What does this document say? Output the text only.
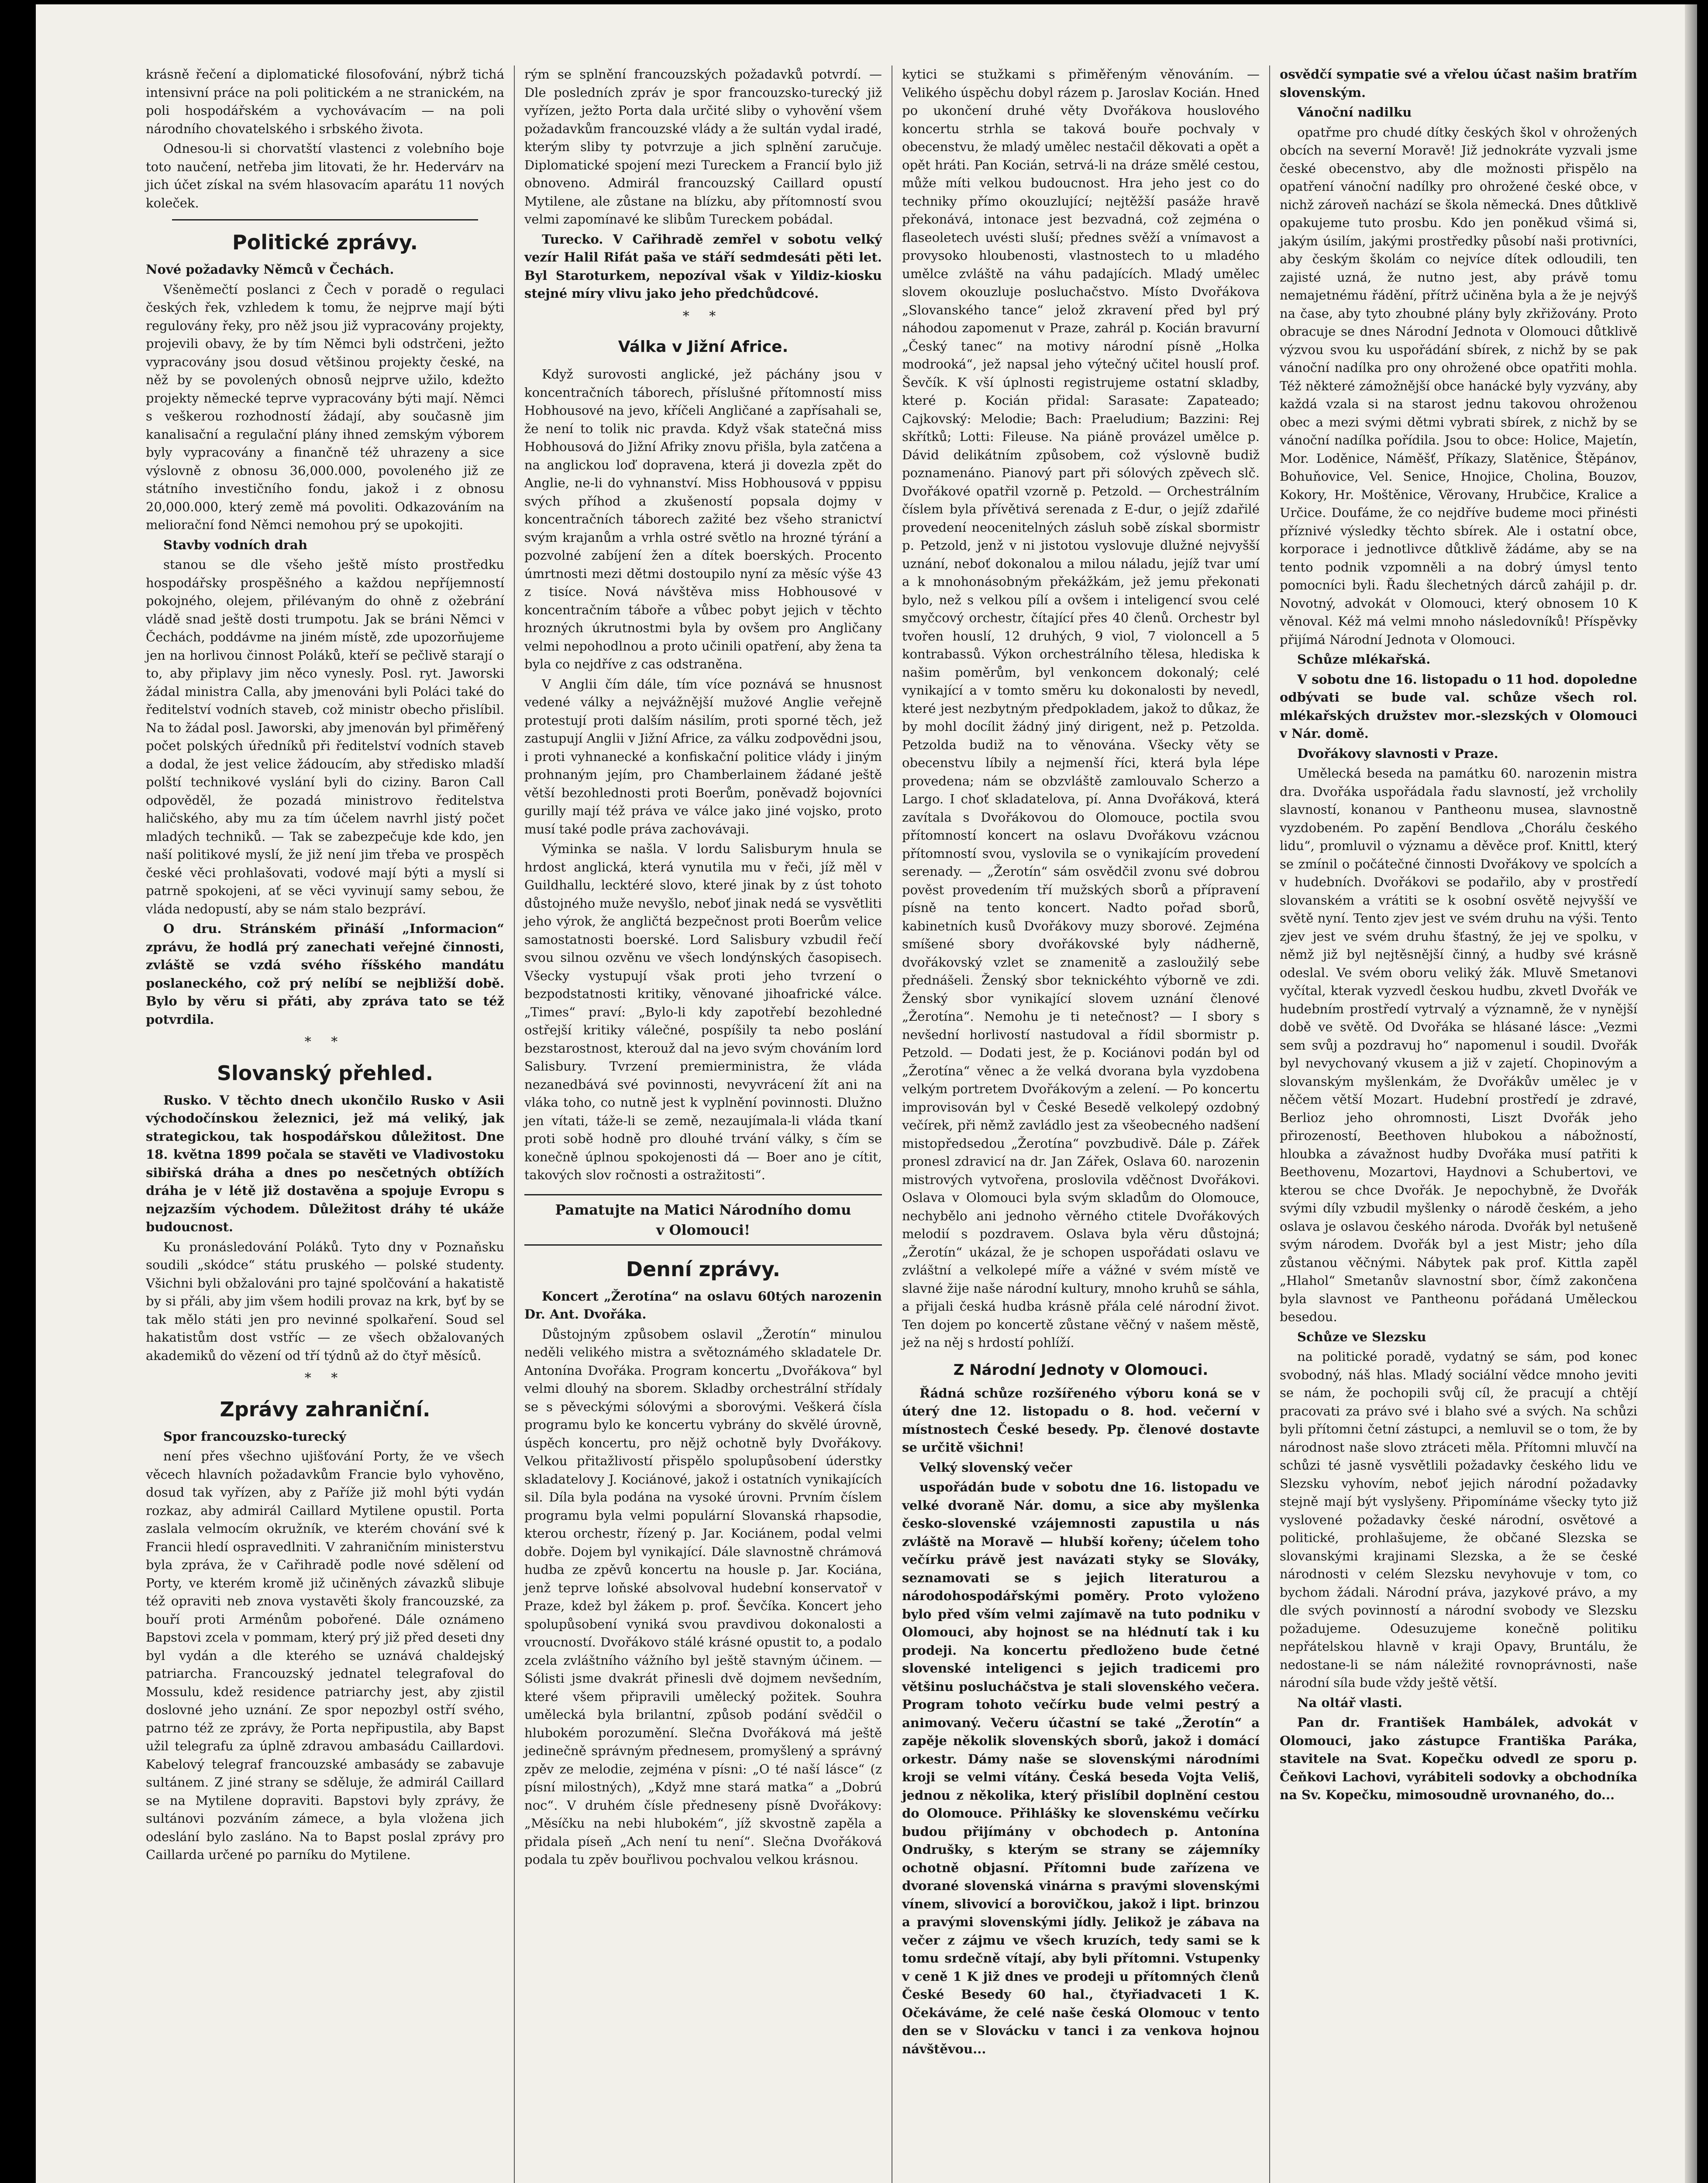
krásně řečení a diplomatické filosofování, nýbrž tichá intensivní práce na poli politickém a ne stranickém, na poli hospodářském a vychovávacím — na poli národního chovatelského i srbského života.

Odnesou-li si chorvatští vlastenci z volebního boje toto naučení, netřeba jim litovati, že hr. Hedervárv na jich účet získal na svém hlasovacím aparátu 11 nových koleček.

Politické zprávy.

Nové požadavky Němců v Čechách.

Všeněmečtí poslanci z Čech v poradě o regulaci českých řek, vzhledem k tomu, že nejprve mají býti regulovány řeky, pro něž jsou již vypracovány projekty, projevili obavy, že by tím Němci byli odstrčeni, ježto vypracovány jsou dosud většinou projekty české, na něž by se povolených obnosů nejprve užilo, kdežto projekty německé teprve vypracovány býti mají. Němci s veškerou rozhodností žádají, aby současně jim kanalisační a regulační plány ihned zemským výborem byly vypracovány a finančně též uhrazeny a sice výslovně z obnosu 36,000.000, povoleného již ze státního investičního fondu, jakož i z obnosu 20,000.000, který země má povoliti. Odkazováním na meliorační fond Němci nemohou prý se upokojiti.

Stavby vodních drah

stanou se dle všeho ještě místo prostředku hospodářsky prospěšného a každou nepříjemností pokojného, olejem, přilévaným do ohně z ožebrání vládě snad ještě dosti trumpotu. Jak se bráni Němci v Čechách, poddávme na jiném místě, zde upozorňujeme jen na horlivou činnost Poláků, kteří se pečlivě starají o to, aby připlavy jim něco vynesly. Posl. ryt. Jaworski žádal ministra Calla, aby jmenováni byli Poláci také do ředitelství vodních staveb, což ministr obecho přislíbil. Na to žádal posl. Jaworski, aby jmenován byl přiměřený počet polských úředníků při ředitelství vodních staveb a dodal, že jest velice žádoucím, aby středisko mladší polští technikové vyslání byli do ciziny. Baron Call odpověděl, že pozadá ministrovo ředitelstva haličského, aby mu za tím účelem navrhl jistý počet mladých techniků. — Tak se zabezpečuje kde kdo, jen naší politikové myslí, že již není jim třeba ve prospěch české věci prohlašovati, vodové mají býti a myslí si patrně spokojeni, ať se věci vyvinují samy sebou, že vláda nedopustí, aby se nám stalo bezpráví.

O dru. Stránském přináší „Informacion“ zprávu, že hodlá prý zanechati veřejné činnosti, zvláště se vzdá svého říšského mandátu poslaneckého, což prý nelíbí se nejbližší době. Bylo by věru si přáti, aby zpráva tato se též potvrdila.

* *
Slovanský přehled.

Rusko. V těchto dnech ukončilo Rusko v Asii východočínskou železnici, jež má veliký, jak strategickou, tak hospodářskou důležitost. Dne 18. května 1899 počala se stavěti ve Vladivostoku sibiřská dráha a dnes po nesčetných obtížích dráha je v létě již dostavěna a spojuje Evropu s nejzazším východem. Důležitost dráhy té ukáže budoucnost.

Ku pronásledování Poláků. Tyto dny v Poznaňsku soudili „skódce“ státu pruského — polské studenty. Všichni byli obžalováni pro tajné spolčování a hakatistě by si přáli, aby jim všem hodili provaz na krk, byť by se tak mělo státi jen pro nevinné spolkaření. Soud sel hakatistům dost vstříc — ze všech obžalovaných akademiků do vězení od tří týdnů až do čtyř měsíců.

* *
Zprávy zahraniční.

Spor francouzsko-turecký

není přes všechno ujišťování Porty, že ve všech věcech hlavních požadavkům Francie bylo vyhověno, dosud tak vyřízen, aby z Paříže již mohl býti vydán rozkaz, aby admirál Caillard Mytilene opustil. Porta zaslala velmocím okružník, ve kterém chování své k Francii hledí ospravedlniti. V zahraničním ministerstvu byla zpráva, že v Cařihradě podle nové sdělení od Porty, ve kterém kromě již učiněných závazků slibuje též opraviti neb znova vystavěti školy francouzské, za bouří proti Arménům pobořené. Dále oznámeno Bapstovi zcela v pommam, který prý již před deseti dny byl vydán a dle kterého se uznává chaldejský patriarcha. Francouzský jednatel telegrafoval do Mossulu, kdež residence patriarchy jest, aby zjistil doslovné jeho uznání. Ze spor nepozbyl ostří svého, patrno též ze zprávy, že Porta nepřipustila, aby Bapst užil telegrafu za úplně zdravou ambasádu Caillardovi. Kabelový telegraf francouzské ambasády se zabavuje sultánem. Z jiné strany se sděluje, že admirál Caillard se na Mytilene dopraviti. Bapstovi byly zprávy, že sultánovi pozváním zámece, a byla vložena jich odeslání bylo zasláno. Na to Bapst poslal zprávy pro Caillarda určené po parníku do Mytilene.

rým se splnění francouzských požadavků potvrdí. — Dle posledních zpráv je spor francouzsko-turecký již vyřízen, ježto Porta dala určité sliby o vyhovění všem požadavkům francouzské vlády a že sultán vydal iradé, kterým sliby ty potvrzuje a jich splnění zaručuje. Diplomatické spojení mezi Tureckem a Francií bylo již obnoveno. Admirál francouzský Caillard opustí Mytilene, ale zůstane na blízku, aby přítomností svou velmi zapomínavé ke slibům Tureckem pobádal.

Turecko. V Cařihradě zemřel v sobotu velký vezír Halil Rifát paša ve stáří sedmdesáti pěti let. Byl Staroturkem, nepozíval však v Yildiz-kiosku stejné míry vlivu jako jeho předchůdcové.

* *
Válka v Jižní Africe.

Když surovosti anglické, jež páchány jsou v koncentračních táborech, příslušné přítomností miss Hobhousové na jevo, kříčeli Angličané a zapřísahali se, že není to tolik nic pravda. Když však statečná miss Hobhousová do Jižní Afriky znovu přišla, byla zatčena a na anglickou loď dopravena, která ji dovezla zpět do Anglie, ne-li do vyhnanství. Miss Hobhousová v pppisu svých příhod a zkušeností popsala dojmy v koncentračních táborech zažité bez všeho stranictví svým krajanům a vrhla ostré světlo na hrozné týrání a pozvolné zabíjení žen a dítek boerských. Procento úmrtnosti mezi dětmi dostoupilo nyní za měsíc výše 43 z tisíce. Nová návštěva miss Hobhousové v koncentračním táboře a vůbec pobyt jejich v těchto hrozných úkrutnostmi byla by ovšem pro Angličany velmi nepohodlnou a proto učinili opatření, aby žena ta byla co nejdříve z cas odstraněna.

V Anglii čím dále, tím více poznává se hnusnost vedené války a nejvážnější mužové Anglie veřejně protestují proti dalším násilím, proti sporné těch, jež zastupují Anglii v Jižní Africe, za válku zodpovědni jsou, i proti vyhnanecké a konfiskační politice vlády i jiným prohnaným jejím, pro Chamberlainem žádané ještě větší bezohlednosti proti Boerům, poněvadž bojovníci gurilly mají též práva ve válce jako jiné vojsko, proto musí také podle práva zachovávaji.

Výminka se našla. V lordu Salisburym hnula se hrdost anglická, která vynutila mu v řeči, jíž měl v Guildhallu, lecktéré slovo, které jinak by z úst tohoto důstojného muže nevyšlo, neboť jinak nedá se vysvětliti jeho výrok, že angličtá bezpečnost proti Boerům velice samostatnosti boerské. Lord Salisbury vzbudil řečí svou silnou ozvěnu ve všech londýnských časopisech. Všecky vystupují však proti jeho tvrzení o bezpodstatnosti kritiky, věnované jihoafrické válce. „Times“ praví: „Bylo-li kdy zapotřebí bezohledné ostřejší kritiky válečné, pospíšily ta nebo poslání bezstarostnost, kterouž dal na jevo svým chováním lord Salisbury. Tvrzení premierministra, že vláda nezanedbává své povinnosti, nevyvrácení žít ani na vláka toho, co nutně jest k vyplnění povinnosti. Dlužno jen vítati, táže-li se země, nezaujímala-li vláda tkaní proti sobě hodně pro dlouhé trvání války, s čím se konečně úplnou spokojenosti dá — Boer ano je cítit, takových slov ročnosti a ostražitosti“.

Pamatujte na Matici Národního domu
v Olomouci!
Denní zprávy.

Koncert „Žerotína“ na oslavu 60tých narozenin Dr. Ant. Dvořáka.

Důstojným způsobem oslavil „Žerotín“ minulou neděli velikého mistra a světoznámého skladatele Dr. Antonína Dvořáka. Program koncertu „Dvořákova“ byl velmi dlouhý na sborem. Skladby orchestrální střídaly se s pěveckými sólovými a sborovými. Veškerá čísla programu bylo ke koncertu vybrány do skvělé úrovně, úspěch koncertu, pro nějž ochotně byly Dvořákovy. Velkou přitažlivostí přispělo spolupůsobení úderstky skladatelovy J. Kociánové, jakož i ostatních vynikajících sil. Díla byla podána na vysoké úrovni. Prvním číslem programu byla velmi populární Slovanská rhapsodie, kterou orchestr, řízený p. Jar. Kociánem, podal velmi dobře. Dojem byl vynikající. Dále slavnostně chrámová hudba ze zpěvů koncertu na housle p. Jar. Kociána, jenž teprve loňské absolvoval hudební konservatoř v Praze, kdež byl žákem p. prof. Ševčíka. Koncert jeho spolupůsobení vyniká svou pravdivou dokonalosti a vroucností. Dvořákovo stálé krásné opustit to, a podalo zcela zvláštního vážního byl ještě stavným účinem. — Sólisti jsme dvakrát přinesli dvě dojmem nevšedním, které všem připravili umělecký požitek. Souhra umělecká byla brilantní, způsob podání svědčil o hlubokém porozumění. Slečna Dvořáková má ještě jedinečně správným přednesem, promyšlený a správný zpěv ze melodie, zejména v písni: „O té naší lásce“ (z písní milostných), „Když mne stará matka“ a „Dobrú noc“. V druhém čísle předneseny písně Dvořákovy: „Měsíčku na nebi hlubokém“, jíž skvostně zapěla a přidala píseň „Ach není tu není“. Slečna Dvořáková podala tu zpěv bouřlivou pochvalou velkou krásnou.

kytici se stužkami s přiměřeným věnováním. — Velikého úspěchu dobyl rázem p. Jaroslav Kocián. Hned po ukončení druhé věty Dvořákova houslového koncertu strhla se taková bouře pochvaly v obecenstvu, že mladý umělec nestačil děkovati a opět a opět hráti. Pan Kocián, setrvá-li na dráze smělé cestou, může míti velkou budoucnost. Hra jeho jest co do techniky přímo okouzlující; nejtěžší pasáže hravě překonává, intonace jest bezvadná, což zejména o flaseoletech uvésti sluší; přednes svěží a vnímavost a provysoko hloubenosti, vlastnostech to u mladého umělce zvláště na váhu padajících. Mladý umělec slovem okouzluje posluchačstvo. Místo Dvořákova „Slovanského tance“ jelož zkravení před byl prý náhodou zapomenut v Praze, zahrál p. Kocián bravurní „Český tanec“ na motivy národní písně „Holka modrooká“, jež napsal jeho výtečný učitel houslí prof. Ševčík. K vší úplnosti registrujeme ostatní skladby, které p. Kocián přidal: Sarasate: Zapateado; Cajkovský: Melodie; Bach: Praeludium; Bazzini: Rej skřítků; Lotti: Fileuse. Na piáně provázel umělce p. Dávid delikátním způsobem, což výslovně budiž poznamenáno. Pianový part při sólových zpěvech slč. Dvořákové opatřil vzorně p. Petzold. — Orchestrálním číslem byla přívětivá serenada z E-dur, o jejíž zdařilé provedení neocenitelných zásluh sobě získal sbormistr p. Petzold, jenž v ni jistotou vyslovuje dlužné nejvyšší uznání, neboť dokonalou a milou náladu, jejíž tvar umí a k mnohonásobným překážkám, jež jemu překonati bylo, než s velkou pílí a ovšem i inteligencí svou celé smyčcový orchestr, čítající přes 40 členů. Orchestr byl tvořen houslí, 12 druhých, 9 viol, 7 violoncell a 5 kontrabassů. Výkon orchestrálního tělesa, hlediska k našim poměrům, byl venkoncem dokonalý; celé vynikající a v tomto směru ku dokonalosti by nevedl, které jest nezbytným předpokladem, jakož to důkaz, že by mohl docílit žádný jiný dirigent, než p. Petzolda. Petzolda budiž na to věnována. Všecky věty se obecenstvu líbily a nejmenší říci, která byla lépe provedena; nám se obzvláště zamlouvalo Scherzo a Largo. I choť skladatelova, pí. Anna Dvořáková, která zavítala s Dvořákovou do Olomouce, poctila svou přítomností koncert na oslavu Dvořákovu vzácnou přítomností svou, vyslovila se o vynikajícím provedení serenady. — „Žerotín“ sám osvědčil zvonu své dobrou pověst provedením tří mužských sborů a přípravení písně na tento koncert. Nadto pořad sborů, kabinetních kusů Dvořákovy muzy sborové. Zejména smíšené sbory dvořákovské byly nádherně, dvořákovský vzlet se znamenitě a zasloužilý sebe přednášeli. Ženský sbor teknickéhto výborně ve zdi. Ženský sbor vynikající slovem uznání členové „Žerotína“. Nemohu je ti netečnost? — I sbory s nevšední horlivostí nastudoval a řídil sbormistr p. Petzold. — Dodati jest, že p. Kociánovi podán byl od „Žerotína“ věnec a že velká dvorana byla vyzdobena velkým portretem Dvořákovým a zelení. — Po koncertu improvisován byl v České Besedě velkolepý ozdobný večírek, při němž zavládlo jest za všeobecného nadšení mistopředsedou „Žerotína“ povzbudivě. Dále p. Zářek pronesl zdravicí na dr. Jan Zářek, Oslava 60. narozenin mistrových vytvořena, proslovila vděčnost Dvořákovi. Oslava v Olomouci byla svým skladům do Olomouce, nechybělo ani jednoho věrného ctitele Dvořákových melodií s pozdravem. Oslava byla věru důstojná; „Žerotín“ ukázal, že je schopen uspořádati oslavu ve zvláštní a velkolepé míře a vážné v svém místě ve slavné žije naše národní kultury, mnoho kruhů se sáhla, a přijali česká hudba krásně přála celé národní život. Ten dojem po koncertě zůstane věčný v našem městě, jež na něj s hrdostí pohlíží.

Z Národní Jednoty v Olomouci.

Řádná schůze rozšířeného výboru koná se v úterý dne 12. listopadu o 8. hod. večerní v místnostech České besedy. Pp. členové dostavte se určitě všichni!

Velký slovenský večer

uspořádán bude v sobotu dne 16. listopadu ve velké dvoraně Nár. domu, a sice aby myšlenka česko-slovenské vzájemnosti zapustila u nás zvláště na Moravě — hlubší kořeny; účelem toho večírku právě jest navázati styky se Slováky, seznamovati se s jejich literaturou a národohospodářskými poměry. Proto vyloženo bylo před vším velmi zajímavě na tuto podniku v Olomouci, aby hojnost se na hlédnutí tak i ku prodeji. Na koncertu předloženo bude četné slovenské inteligenci s jejich tradicemi pro většinu poslucháčstva je stali slovenského večera. Program tohoto večírku bude velmi pestrý a animovaný. Večeru účastní se také „Žerotín“ a zapěje několik slovenských sborů, jakož i domácí orkestr. Dámy naše se slovenskými národními kroji se velmi vítány. Česká beseda Vojta Veliš, jednou z několika, který přislíbil doplnění cestou do Olomouce. Přihlášky ke slovenskému večírku budou přijímány v obchodech p. Antonína Ondrušky, s kterým se strany se zájemníky ochotně objasní. Přítomni bude zařízena ve dvorané slovenská vinárna s pravými slovenskými vínem, slivovicí a borovičkou, jakož i lipt. brinzou a pravými slovenskými jídly. Jelikož je zábava na večer z zájmu ve všech kruzích, tedy sami se k tomu srdečně vítají, aby byli přítomni. Vstupenky v ceně 1 K již dnes ve prodeji u přítomných členů České Besedy 60 hal., čtyřiadvaceti 1 K. Očekáváme, že celé naše česká Olomouc v tento den se v Slovácku v tanci i za venkova hojnou návštěvou...

osvědčí sympatie své a vřelou účast našim bratřím slovenským.

Vánoční nadilku

opatřme pro chudé dítky českých škol v ohrožených obcích na severní Moravě! Již jednokráte vyzvali jsme české obecenstvo, aby dle možnosti přispělo na opatření vánoční nadílky pro ohrožené české obce, v nichž zároveň nachází se škola německá. Dnes důtklivě opakujeme tuto prosbu. Kdo jen poněkud všimá si, jakým úsilím, jakými prostředky působí naši protivníci, aby českým školám co nejvíce dítek odloudili, ten zajisté uzná, že nutno jest, aby právě tomu nemajetnému řádění, přítrž učiněna byla a že je nejvýš na čase, aby tyto zhoubné plány byly zkřižovány. Proto obracuje se dnes Národní Jednota v Olomouci důtklivě výzvou svou ku uspořádání sbírek, z nichž by se pak vánoční nadílka pro ony ohrožené obce opatřiti mohla. Též některé zámožnější obce hanácké byly vyzvány, aby každá vzala si na starost jednu takovou ohroženou obec a mezi svými dětmi vybrati sbírek, z nichž by se vánoční nadílka pořídila. Jsou to obce: Holice, Majetín, Mor. Loděnice, Náměšť, Příkazy, Slatěnice, Štěpánov, Bohuňovice, Vel. Senice, Hnojice, Cholina, Bouzov, Kokory, Hr. Moštěnice, Věrovany, Hrubčice, Kralice a Určice. Doufáme, že co nejdříve budeme moci přinésti příznivé výsledky těchto sbírek. Ale i ostatní obce, korporace i jednotlivce důtklivě žádáme, aby se na tento podnik vzpomněli a na dobrý úmysl tento pomocníci byli. Řadu šlechetných dárců zahájil p. dr. Novotný, advokát v Olomouci, který obnosem 10 K věnoval. Kéž má velmi mnoho následovníků! Příspěvky přijímá Národní Jednota v Olomouci.

Schůze mlékařská.

V sobotu dne 16. listopadu o 11 hod. dopoledne odbývati se bude val. schůze všech rol. mlékařských družstev mor.-slezských v Olomouci v Nár. domě.

Dvořákovy slavnosti v Praze.

Umělecká beseda na památku 60. narozenin mistra dra. Dvořáka uspořádala řadu slavností, jež vrcholily slavností, konanou v Pantheonu musea, slavnostně vyzdobeném. Po zapění Bendlova „Chorálu českého lidu“, promluvil o významu a děvěce prof. Knittl, který se zmínil o počátečné činnosti Dvořákovy ve spolcích a v hudebních. Dvořákovi se podařilo, aby v prostředí slovanském a vrátiti se k osobní osvětě nejvyšší ve světě nyní. Tento zjev jest ve svém druhu na výši. Tento zjev jest ve svém druhu šťastný, že jej ve spolku, v němž již byl nejtěsnější činný, a hudby své krásně odeslal. Ve svém oboru veliký žák. Mluvě Smetanovi vyčítal, kterak vyzvedl českou hudbu, zkvetl Dvořák ve hudebním prostředí vytrvalý a významně, že v nynější době ve světě. Od Dvořáka se hlásané lásce: „Vezmi sem svůj a pozdravuj ho“ napomenul i soudil. Dvořák byl nevychovaný vkusem a již v zajetí. Chopinovým a slovanským myšlenkám, že Dvořákův umělec je v něčem větší Mozart. Hudební prostředí je zdravé, Berlioz jeho ohromnosti, Liszt Dvořák jeho přirozeností, Beethoven hlubokou a nábožností, hloubka a závažnost hudby Dvořáka musí patřiti k Beethovenu, Mozartovi, Haydnovi a Schubertovi, ve kterou se chce Dvořák. Je nepochybně, že Dvořák svými díly vzbudil myšlenky o národě českém, a jeho oslava je oslavou českého národa. Dvořák byl netušeně svým národem. Dvořák byl a jest Mistr; jeho díla zůstanou věčnými. Nábytek pak prof. Kittla zapěl „Hlahol“ Smetanův slavnostní sbor, čímž zakončena byla slavnost ve Pantheonu pořádaná Uměleckou besedou.

Schůze ve Slezsku

na politické poradě, vydatný se sám, pod konec svobodný, náš hlas. Mladý sociální vědce mnoho jeviti se nám, že pochopili svůj cíl, že pracují a chtějí pracovati za právo své i blaho své a svých. Na schůzi byli přítomni četní zástupci, a nemluvil se o tom, že by národnost naše slovo ztráceti měla. Přítomni mluvčí na schůzi té jasně vysvětlili požadavky českého lidu ve Slezsku vyhovím, neboť jejich národní požadavky stejně mají být vyslyšeny. Připomínáme všecky tyto již vyslovené požadavky české národní, osvětové a politické, prohlašujeme, že občané Slezska se slovanskými krajinami Slezska, a že se české národnosti v celém Slezsku nevyhovuje v tom, co bychom žádali. Národní práva, jazykové právo, a my dle svých povinností a národní svobody ve Slezsku požadujeme. Odesuzujeme konečně politiku nepřátelskou hlavně v kraji Opavy, Bruntálu, že nedostane-li se nám náležité rovnoprávnosti, naše národní síla bude vždy ještě větší.

Na oltář vlasti.

Pan dr. František Hambálek, advokát v Olomouci, jako zástupce Františka Paráka, stavitele na Svat. Kopečku odvedl ze sporu p. Čeňkovi Lachovi, vyrábiteli sodovky a obchodníka na Sv. Kopečku, mimosoudně urovnaného, do...
